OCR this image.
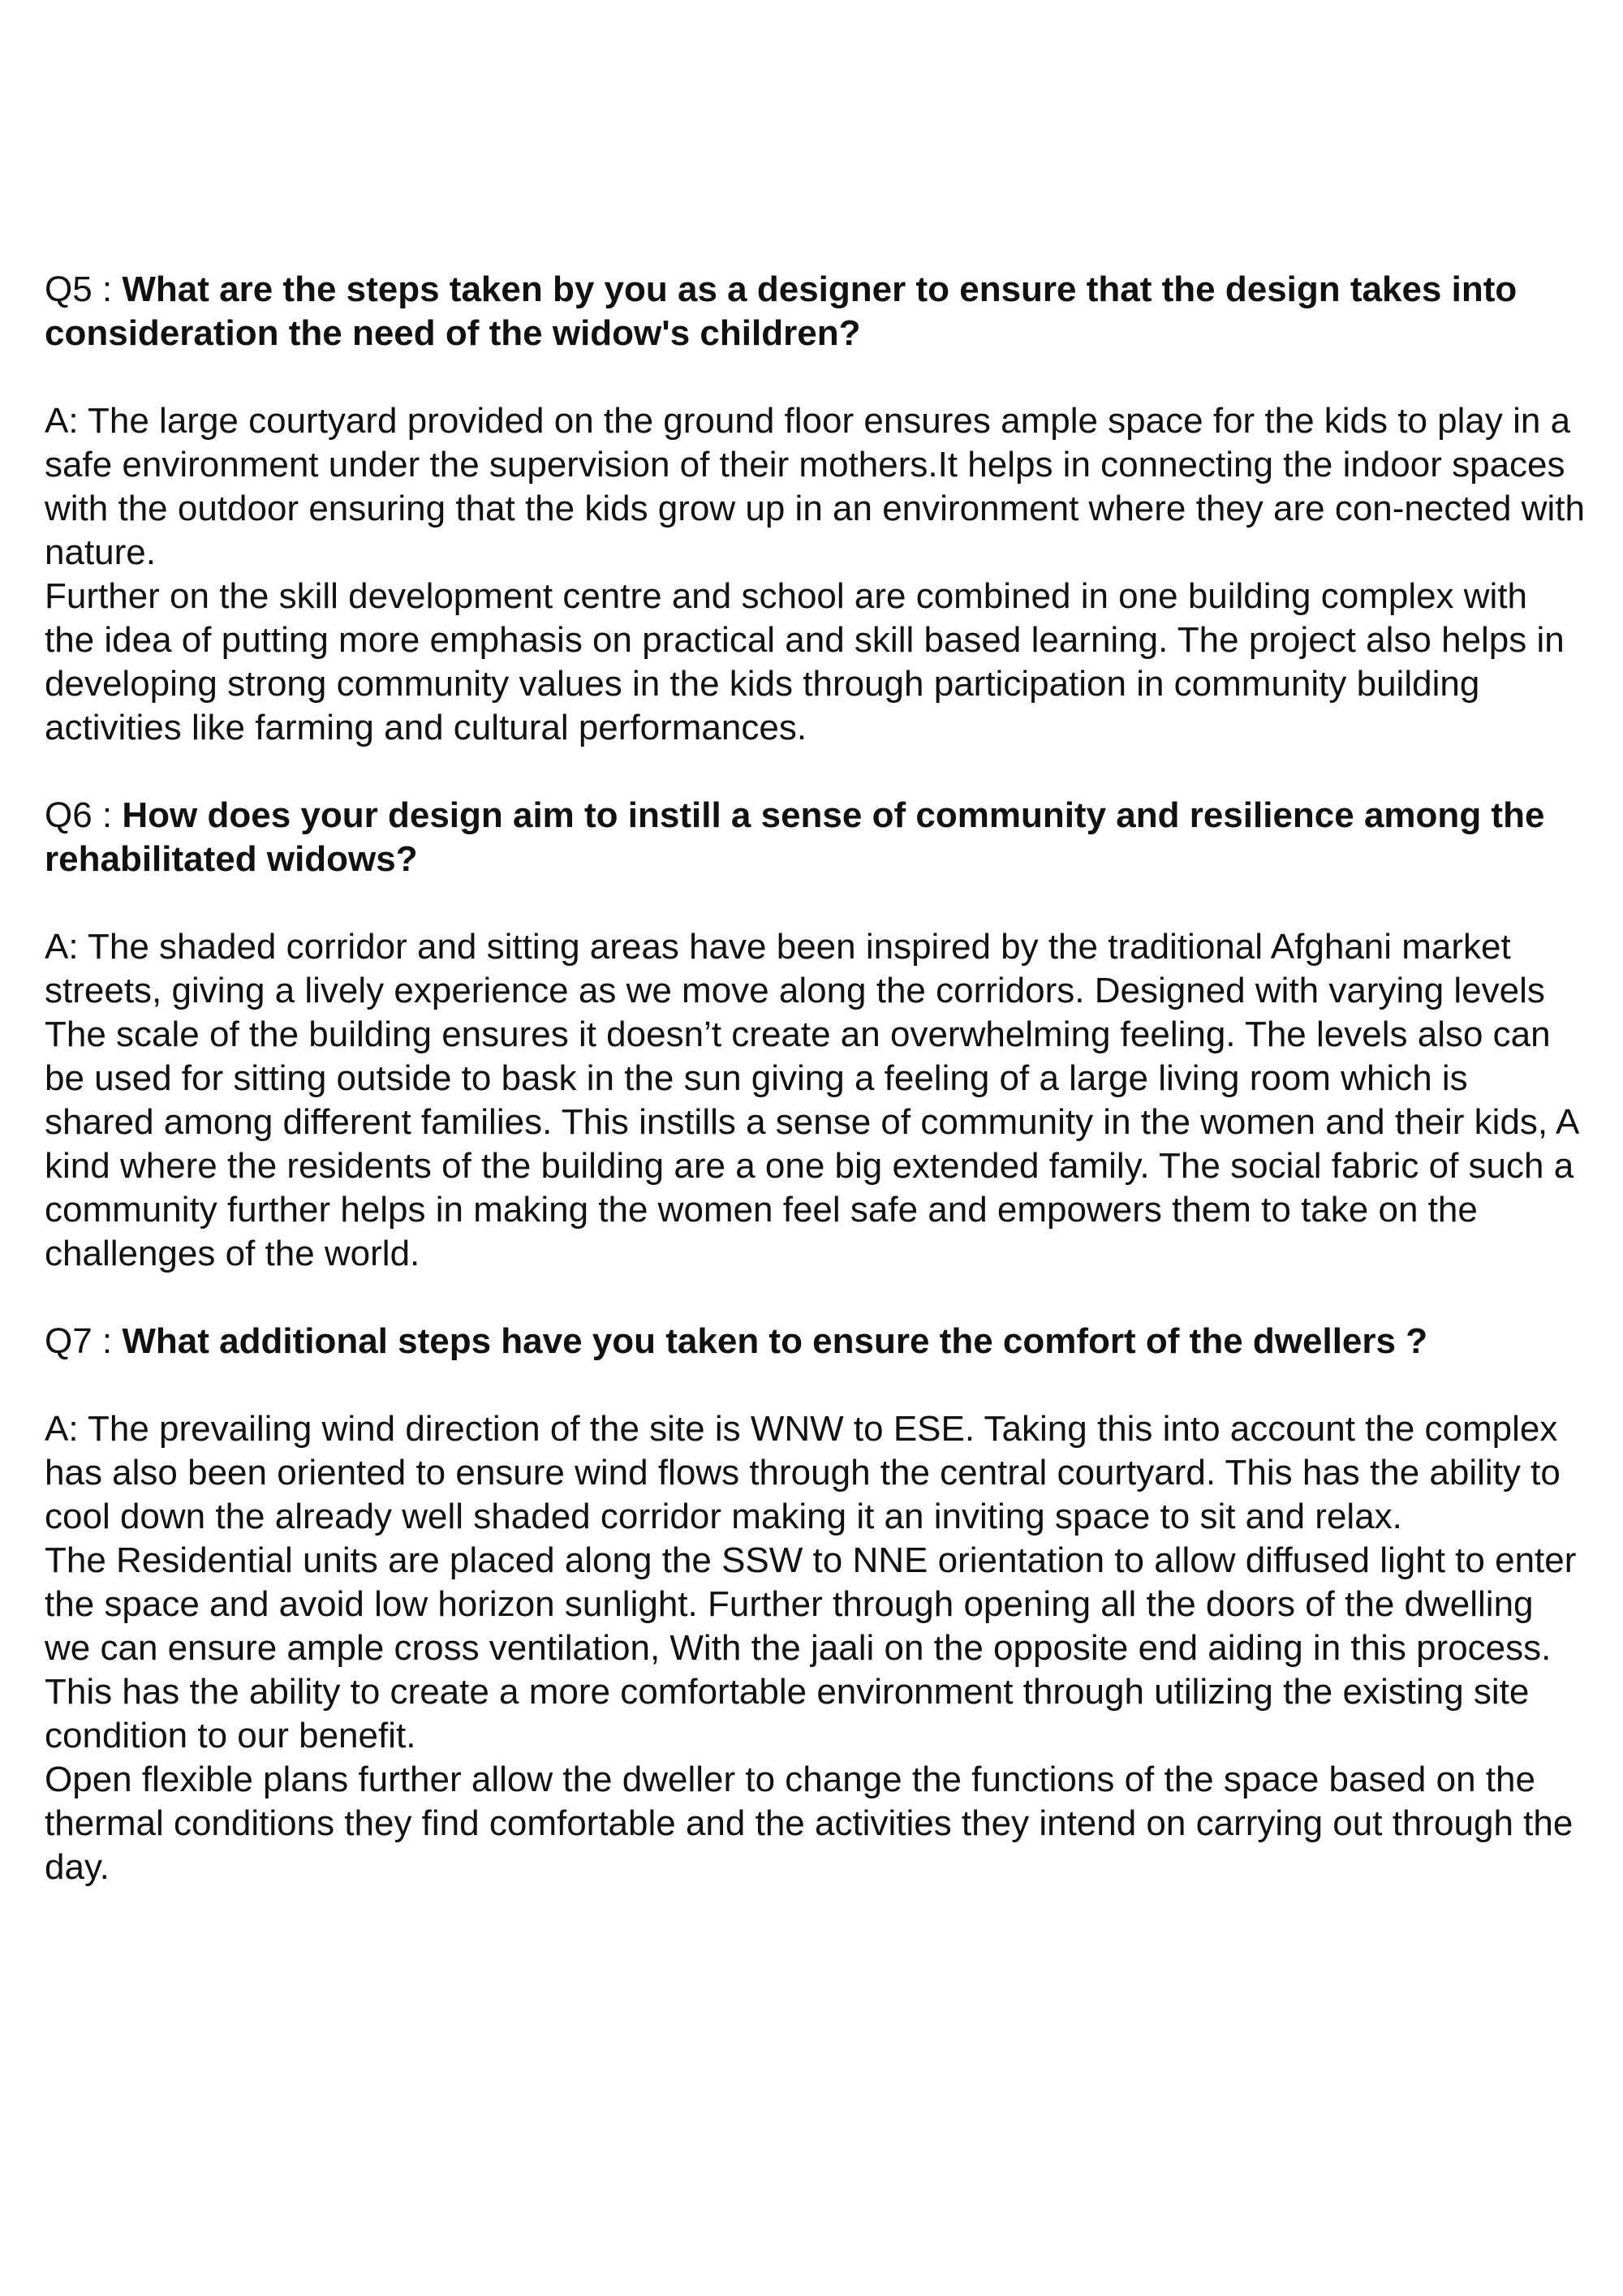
Q5 : What are the steps taken by you as a designer to ensure that the design takes into consideration the need of the widow's children?

A: The large courtyard provided on the ground floor ensures ample space for the kids to play in a safe environment under the supervision of their mothers.It helps in connecting the indoor spaces with the outdoor ensuring that the kids grow up in an environment where they are con-nected with nature.

Further on the skill development centre and school are combined in one building complex with the idea of putting more emphasis on practical and skill based learning. The project also helps in developing strong community values in the kids through participation in community building activities like farming and cultural performances.

Q6 : How does your design aim to instill a sense of community and resilience among the rehabilitated widows?

A: The shaded corridor and sitting areas have been inspired by the traditional Afghani market streets, giving a lively experience as we move along the corridors. Designed with varying levels The scale of the building ensures it doesn’t create an overwhelming feeling. The levels also can be used for sitting outside to bask in the sun giving a feeling of a large living room which is shared among different families. This instills a sense of community in the women and their kids, A kind where the residents of the building are a one big extended family. The social fabric of such a community further helps in making the women feel safe and empowers them to take on the challenges of the world.

Q7 : What additional steps have you taken to ensure the comfort of the dwellers ?

A: The prevailing wind direction of the site is WNW to ESE. Taking this into account the complex has also been oriented to ensure wind flows through the central courtyard. This has the ability to cool down the already well shaded corridor making it an inviting space to sit and relax.

The Residential units are placed along the SSW to NNE orientation to allow diffused light to enter the space and avoid low horizon sunlight. Further through opening all the doors of the dwelling we can ensure ample cross ventilation, With the jaali on the opposite end aiding in this process. This has the ability to create a more comfortable environment through utilizing the existing site condition to our benefit.

Open flexible plans further allow the dweller to change the functions of the space based on the thermal conditions they find comfortable and the activities they intend on carrying out through the day.
